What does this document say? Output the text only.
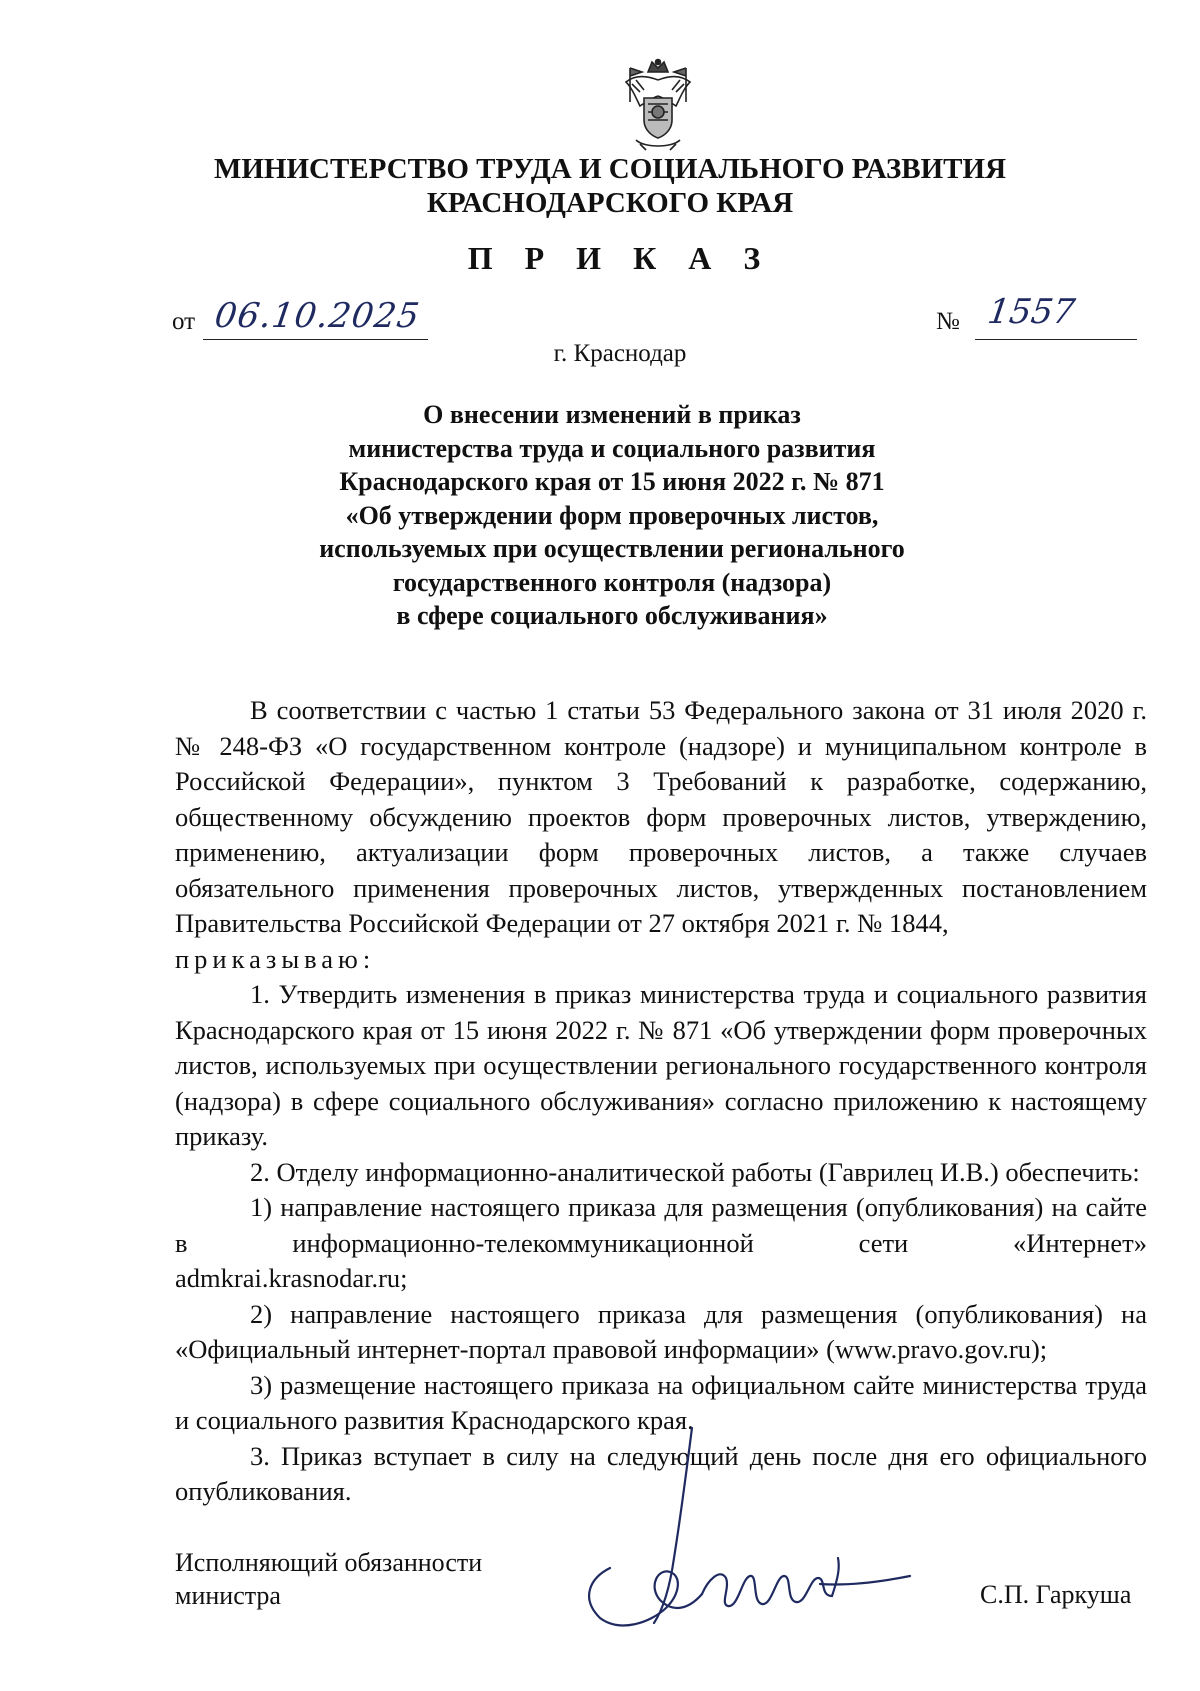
МИНИСТЕРСТВО ТРУДА И СОЦИАЛЬНОГО РАЗВИТИЯ
КРАСНОДАРСКОГО КРАЯ
П Р И К А З
от 06.10.2025	№ 1557
г. Краснодар
О внесении изменений в приказ
министерства труда и социального развития
Краснодарского края от 15 июня 2022 г. № 871
«Об утверждении форм проверочных листов,
используемых при осуществлении регионального
государственного контроля (надзора)
в сфере социального обслуживания»
В соответствии с частью 1 статьи 53 Федерального закона от 31 июля 2020 г. № 248-ФЗ «О государственном контроле (надзоре) и муниципальном контроле в Российской Федерации», пунктом 3 Требований к разработке, содержанию, общественному обсуждению проектов форм проверочных листов, утверждению, применению, актуализации форм проверочных листов, а также случаев обязательного применения проверочных листов, утвержденных постановлением Правительства Российской Федерации от 27 октября 2021 г. № 1844,
приказываю:
1. Утвердить изменения в приказ министерства труда и социального развития Краснодарского края от 15 июня 2022 г. № 871 «Об утверждении форм проверочных листов, используемых при осуществлении регионального государственного контроля (надзора) в сфере социального обслуживания» согласно приложению к настоящему приказу.
2. Отделу информационно-аналитической работы (Гаврилец И.В.) обеспечить:
1) направление настоящего приказа для размещения (опубликования) на сайте в информационно-телекоммуникационной сети «Интернет»
admkrai.krasnodar.ru;
2) направление настоящего приказа для размещения (опубликования) на «Официальный интернет-портал правовой информации» (www.pravo.gov.ru);
3) размещение настоящего приказа на официальном сайте министерства труда и социального развития Краснодарского края.
3. Приказ вступает в силу на следующий день после дня его официального опубликования.
Исполняющий обязанности
министра	С.П. Гаркуша
